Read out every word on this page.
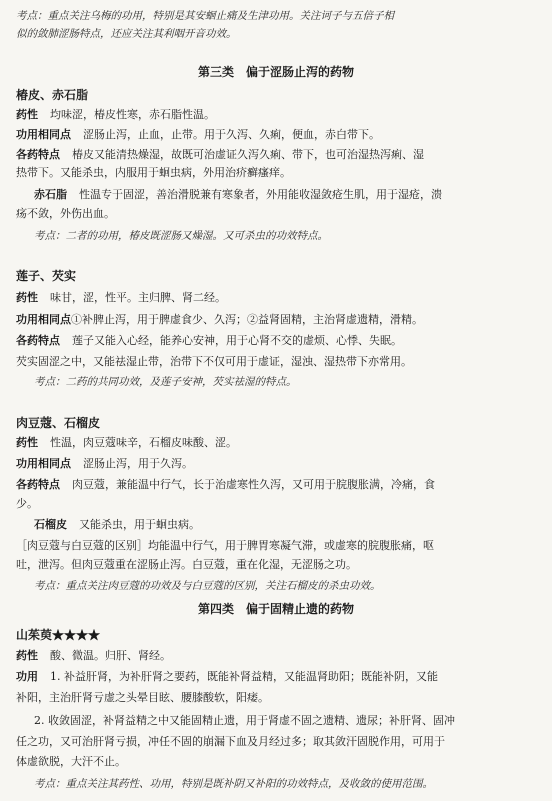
考点：重点关注乌梅的功用，特别是其安蛔止痛及生津功用。关注诃子与五倍子相
似的敛肺涩肠特点，还应关注其利咽开音功效。
第三类　偏于涩肠止泻的药物
椿皮、赤石脂
药性 均味涩，椿皮性寒，赤石脂性温。
功用相同点 涩肠止泻，止血，止带。用于久泻、久痢，便血，赤白带下。
各药特点 椿皮又能清热燥湿，故既可治虚证久泻久痢、带下，也可治湿热泻痢、湿
热带下。又能杀虫，内服用于蛔虫病，外用治疥癣瘙痒。
赤石脂 性温专于固涩，善治滑脱兼有寒象者，外用能收湿敛疮生肌，用于湿疮，溃
疡不敛，外伤出血。
考点：二者的功用，椿皮既涩肠又燥湿。又可杀虫的功效特点。
莲子、芡实
药性 味甘，涩，性平。主归脾、肾二经。
功用相同点①补脾止泻，用于脾虚食少、久泻；②益肾固精，主治肾虚遗精，滑精。
各药特点 莲子又能入心经，能养心安神，用于心肾不交的虚烦、心悸、失眠。
芡实固涩之中，又能祛湿止带，治带下不仅可用于虚证，湿浊、湿热带下亦常用。
考点：二药的共同功效，及莲子安神，芡实祛湿的特点。
肉豆蔻、石榴皮
药性 性温，肉豆蔻味辛，石榴皮味酸、涩。
功用相同点 涩肠止泻，用于久泻。
各药特点 肉豆蔻，兼能温中行气，长于治虚寒性久泻，又可用于脘腹胀满，冷痛，食
少。
石榴皮 又能杀虫，用于蛔虫病。
［肉豆蔻与白豆蔻的区别］均能温中行气，用于脾胃寒凝气滞，或虚寒的脘腹胀痛，呕
吐，泄泻。但肉豆蔻重在涩肠止泻。白豆蔻，重在化湿，无涩肠之功。
考点：重点关注肉豆蔻的功效及与白豆蔻的区别，关注石榴皮的杀虫功效。
第四类　偏于固精止遗的药物
山茱萸★★★★
药性 酸、微温。归肝、肾经。
功用 1. 补益肝肾，为补肝肾之要药，既能补肾益精，又能温肾助阳；既能补阴，又能
补阳，主治肝肾亏虚之头晕目眩、腰膝酸软，阳痿。
2. 收敛固涩，补肾益精之中又能固精止遗，用于肾虚不固之遗精、遗尿；补肝肾、固冲
任之功，又可治肝肾亏损，冲任不固的崩漏下血及月经过多；取其敛汗固脱作用，可用于
体虚欲脱，大汗不止。
考点：重点关注其药性、功用，特别是既补阴又补阳的功效特点，及收敛的使用范围。
